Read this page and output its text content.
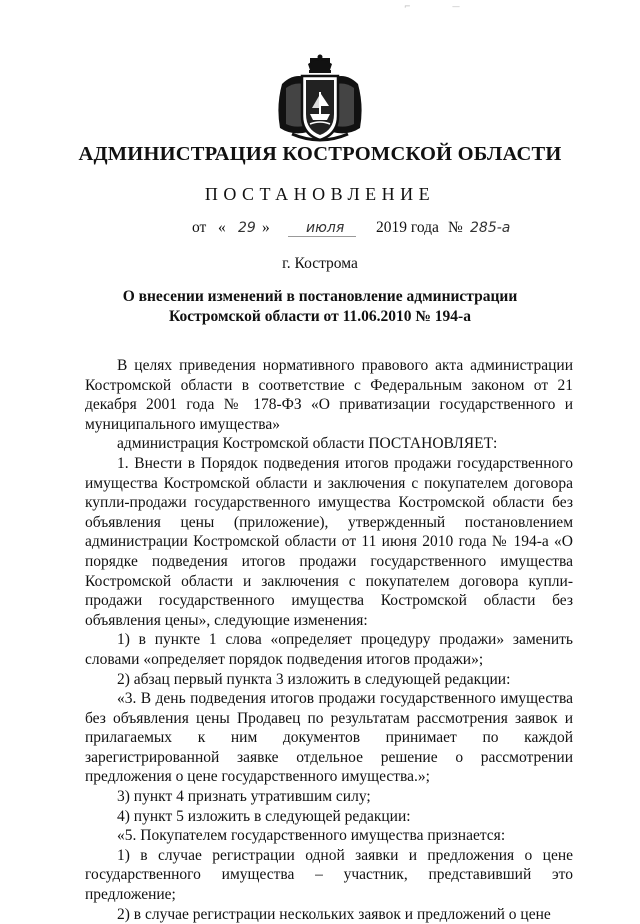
⌐	—
АДМИНИСТРАЦИЯ КОСТРОМСКОЙ ОБЛАСТИ
ПОСТАНОВЛЕНИЕ
от « 29 »	июля 2019 года № 285-а
г. Кострома
О внесении изменений в постановление администрации
Костромской области от 11.06.2010 № 194-а

В целях приведения нормативного правового акта администрации Костромской области в соответствие с Федеральным законом от 21 декабря 2001 года № 178-ФЗ «О приватизации государственного и муниципального имущества»

администрация Костромской области ПОСТАНОВЛЯЕТ:

1. Внести в Порядок подведения итогов продажи государственного имущества Костромской области и заключения с покупателем договора купли-продажи государственного имущества Костромской области без объявления цены (приложение), утвержденный постановлением администрации Костромской области от 11 июня 2010 года № 194-а «О порядке подведения итогов продажи государственного имущества Костромской области и заключения с покупателем договора купли-продажи государственного имущества Костромской области без объявления цены», следующие изменения:

1) в пункте 1 слова «определяет процедуру продажи» заменить словами «определяет порядок подведения итогов продажи»;

2) абзац первый пункта 3 изложить в следующей редакции:

«3. В день подведения итогов продажи государственного имущества без объявления цены Продавец по результатам рассмотрения заявок и прилагаемых к ним документов принимает по каждой зарегистрированной заявке отдельное решение о рассмотрении предложения о цене государственного имущества.»;

3) пункт 4 признать утратившим силу;

4) пункт 5 изложить в следующей редакции:

«5. Покупателем государственного имущества признается:

1) в случае регистрации одной заявки и предложения о цене государственного имущества – участник, представивший это предложение;

2) в случае регистрации нескольких заявок и предложений о цене
